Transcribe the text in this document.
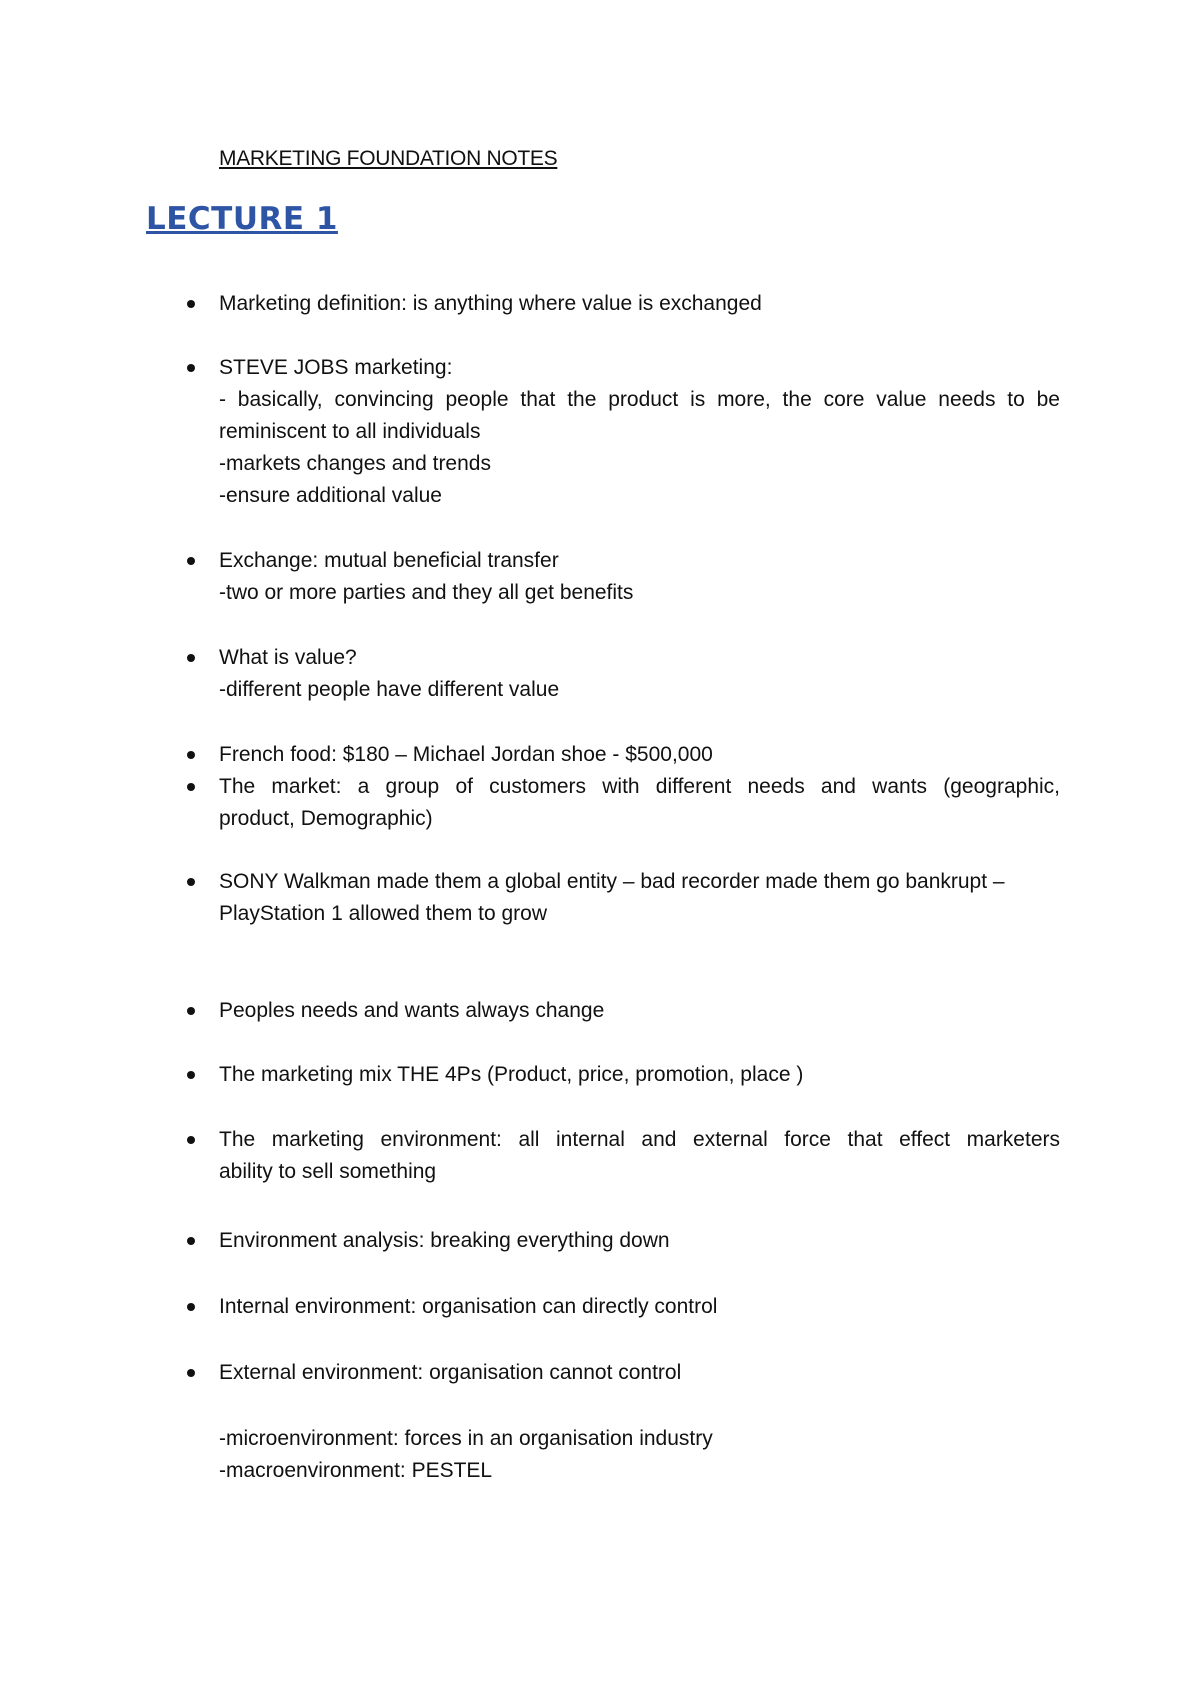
MARKETING FOUNDATION NOTES
LECTURE 1
Marketing definition: is anything where value is exchanged
STEVE JOBS marketing:
- basically, convincing people that the product is more, the core value needs to be
reminiscent to all individuals
-markets changes and trends
-ensure additional value
Exchange: mutual beneficial transfer
-two or more parties and they all get benefits
What is value?
-different people have different value
French food: $180 – Michael Jordan shoe - $500,000
The market: a group of customers with different needs and wants (geographic,
product, Demographic)
SONY Walkman made them a global entity – bad recorder made them go bankrupt –
PlayStation 1 allowed them to grow
Peoples needs and wants always change
The marketing mix THE 4Ps (Product, price, promotion, place )
The marketing environment: all internal and external force that effect marketers
ability to sell something
Environment analysis: breaking everything down
Internal environment: organisation can directly control
External environment: organisation cannot control
-microenvironment: forces in an organisation industry
-macroenvironment: PESTEL
